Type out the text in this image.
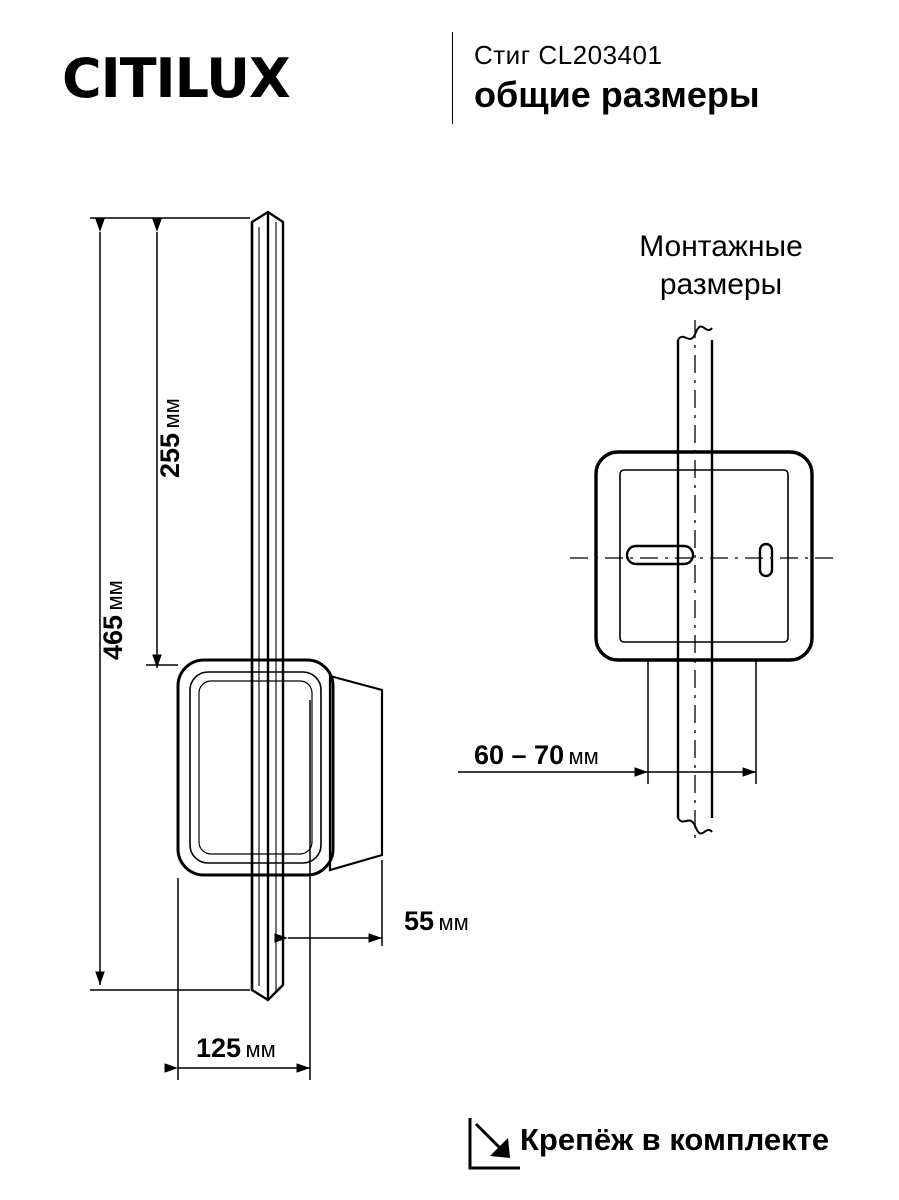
CITILUX	Стиг CL203401
общие размеры
465 мм
255 мм
55 мм
125 мм
Монтажные
размеры
60 – 70 мм
Крепёж в комплекте
